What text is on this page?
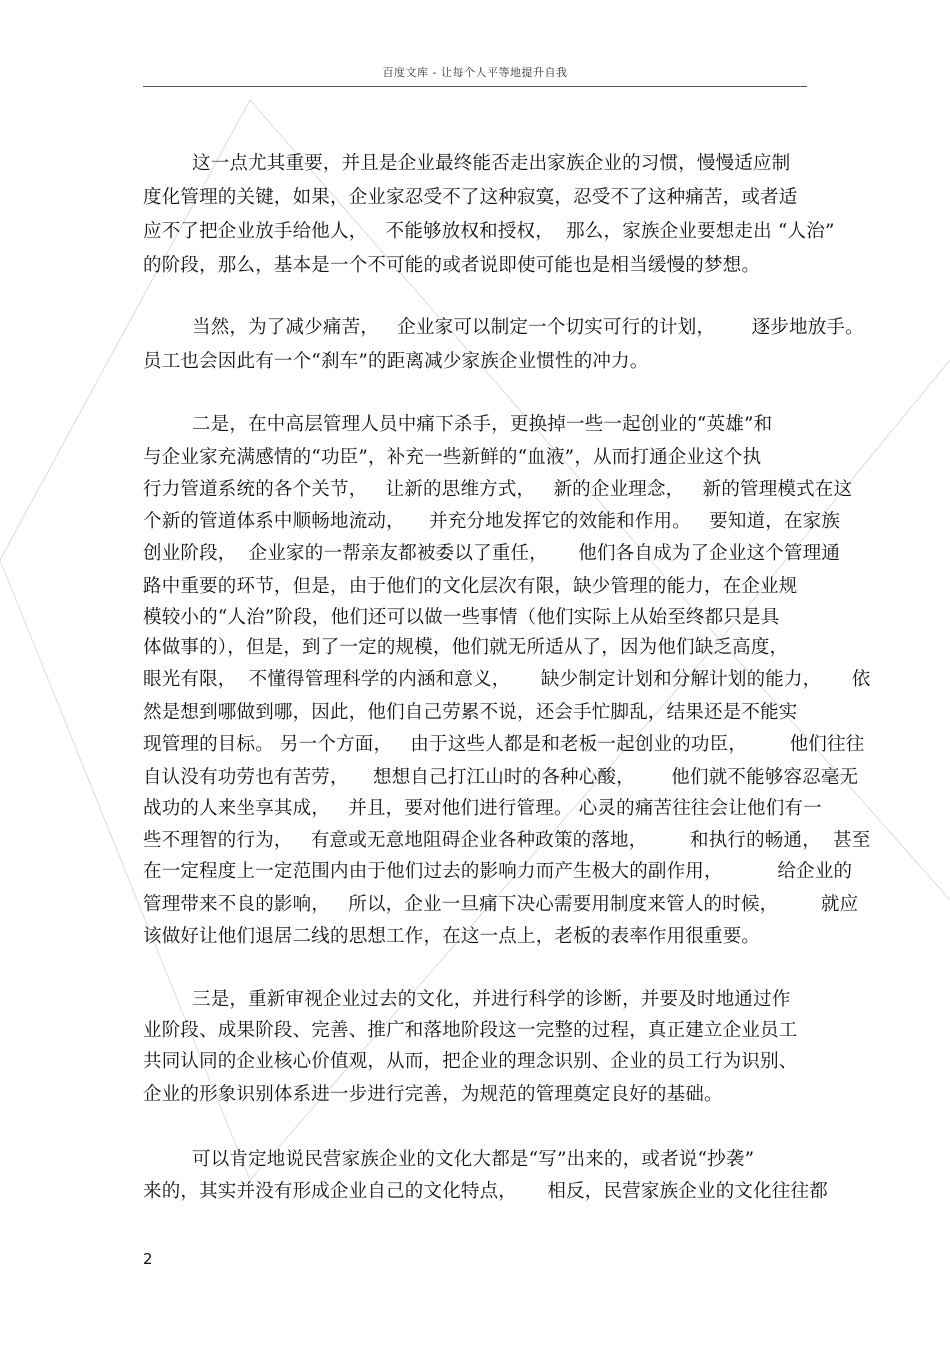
百度文库 - 让每个人平等地提升自我
这一点尤其重要，并且是企业最终能否走出家族企业的习惯，慢慢适应制
度化管理的关键，如果，企业家忍受不了这种寂寞，忍受不了这种痛苦，或者适
应不了把企业放手给他人，   不能够放权和授权，  那么，家族企业要想走出 “人治”
的阶段，那么，基本是一个不可能的或者说即使可能也是相当缓慢的梦想。
当然，为了减少痛苦，   企业家可以制定一个切实可行的计划，      逐步地放手。
员工也会因此有一个“刹车”的距离减少家族企业惯性的冲力。
二是，在中高层管理人员中痛下杀手，更换掉一些一起创业的“英雄”和
与企业家充满感情的“功臣”，补充一些新鲜的“血液”，从而打通企业这个执
行力管道系统的各个关节，   让新的思维方式，   新的企业理念，   新的管理模式在这
个新的管道体系中顺畅地流动，    并充分地发挥它的效能和作用。   要知道，在家族
创业阶段，  企业家的一帮亲友都被委以了重任，     他们各自成为了企业这个管理通
路中重要的环节，但是，由于他们的文化层次有限，缺少管理的能力，在企业规
模较小的“人治”阶段，他们还可以做一些事情（他们实际上从始至终都只是具
体做事的），但是，到了一定的规模，他们就无所适从了，因为他们缺乏高度，
眼光有限，  不懂得管理科学的内涵和意义，     缺少制定计划和分解计划的能力，     依
然是想到哪做到哪，因此，他们自己劳累不说，还会手忙脚乱，结果还是不能实
现管理的目标。 另一个方面，   由于这些人都是和老板一起创业的功臣，       他们往往
自认没有功劳也有苦劳，    想想自己打江山时的各种心酸，      他们就不能够容忍毫无
战功的人来坐享其成，   并且，要对他们进行管理。 心灵的痛苦往往会让他们有一
些不理智的行为，   有意或无意地阻碍企业各种政策的落地，       和执行的畅通，  甚至
在一定程度上一定范围内由于他们过去的影响力而产生极大的副作用，         给企业的
管理带来不良的影响，   所以，企业一旦痛下决心需要用制度来管人的时候，       就应
该做好让他们退居二线的思想工作，在这一点上，老板的表率作用很重要。
三是，重新审视企业过去的文化，并进行科学的诊断，并要及时地通过作
业阶段、成果阶段、完善、推广和落地阶段这一完整的过程，真正建立企业员工
共同认同的企业核心价值观，从而，把企业的理念识别、企业的员工行为识别、
企业的形象识别体系进一步进行完善，为规范的管理奠定良好的基础。
可以肯定地说民营家族企业的文化大都是“写”出来的，或者说“抄袭”
来的，其实并没有形成企业自己的文化特点，     相反，民营家族企业的文化往往都
2
